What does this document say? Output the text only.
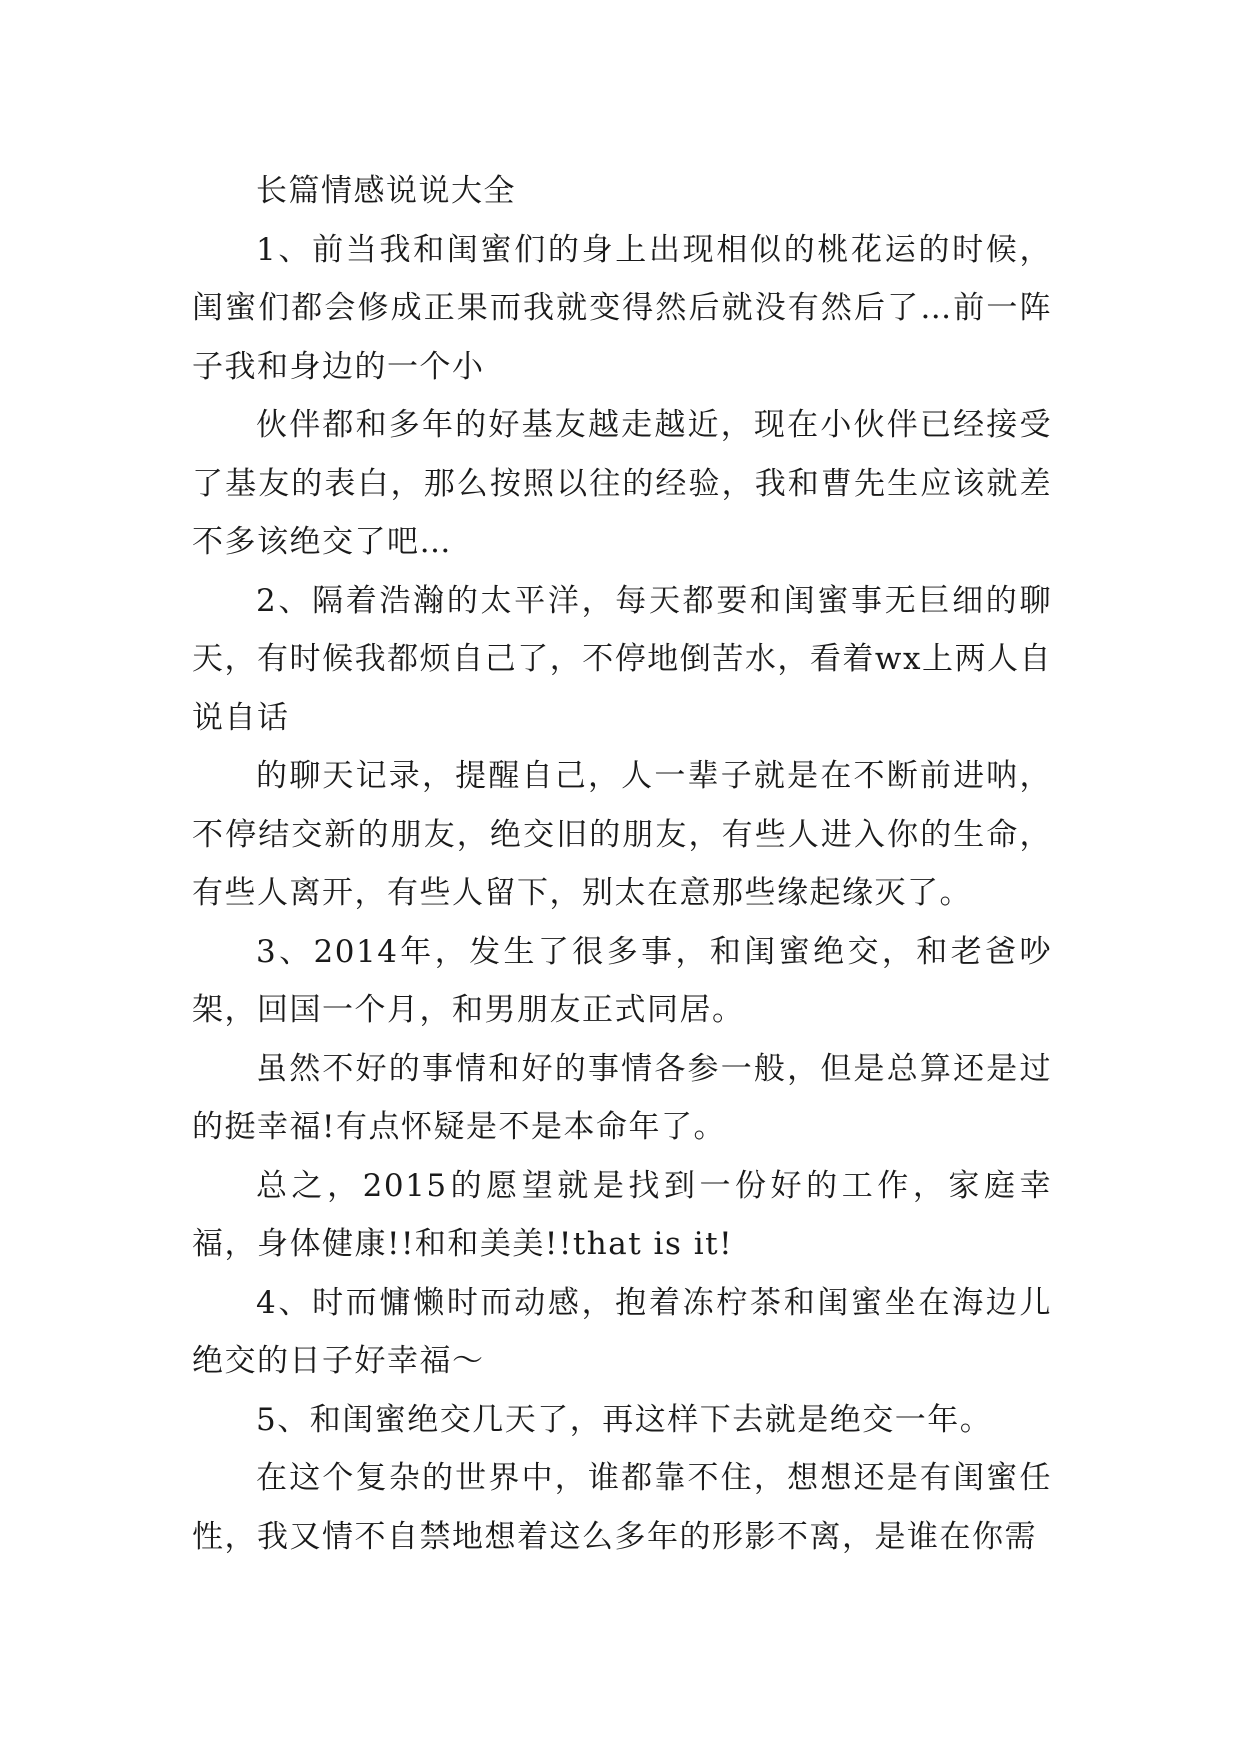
长篇情感说说大全

1、前当我和闺蜜们的身上出现相似的桃花运的时候，闺蜜们都会修成正果而我就变得然后就没有然后了…前一阵子我和身边的一个小

伙伴都和多年的好基友越走越近，现在小伙伴已经接受了基友的表白，那么按照以往的经验，我和曹先生应该就差不多该绝交了吧…

2、隔着浩瀚的太平洋，每天都要和闺蜜事无巨细的聊天，有时候我都烦自己了，不停地倒苦水，看着wx上两人自说自话

的聊天记录，提醒自己，人一辈子就是在不断前进呐，不停结交新的朋友，绝交旧的朋友，有些人进入你的生命，有些人离开，有些人留下，别太在意那些缘起缘灭了。

3、2014年，发生了很多事，和闺蜜绝交，和老爸吵架，回国一个月，和男朋友正式同居。

虽然不好的事情和好的事情各参一般，但是总算还是过的挺幸福!有点怀疑是不是本命年了。

总之，2015的愿望就是找到一份好的工作，家庭幸福，身体健康!!和和美美!!that is it!

4、时而慵懒时而动感，抱着冻柠茶和闺蜜坐在海边儿绝交的日子好幸福～

5、和闺蜜绝交几天了，再这样下去就是绝交一年。

在这个复杂的世界中，谁都靠不住，想想还是有闺蜜任性，我又情不自禁地想着这么多年的形影不离，是谁在你需
